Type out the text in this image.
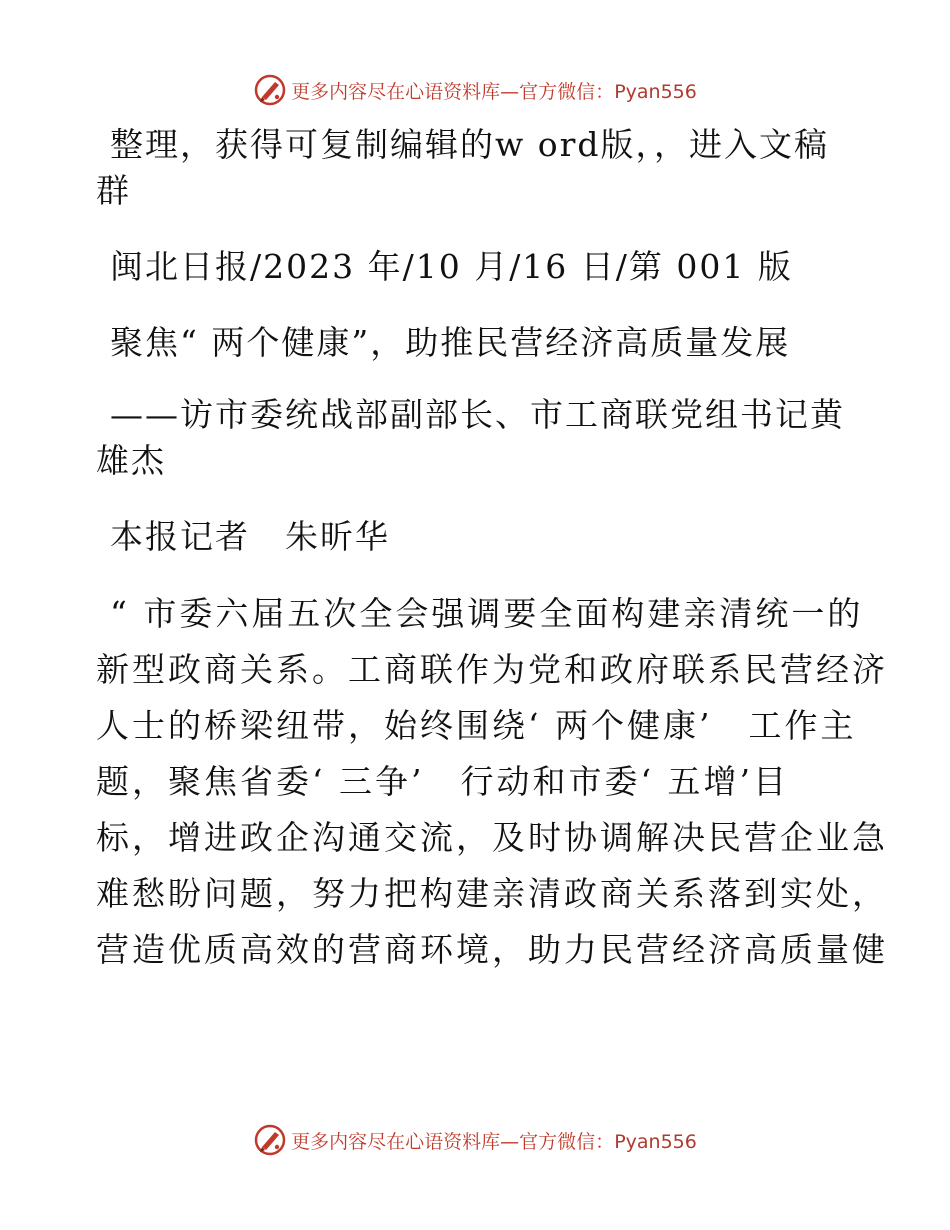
更多内容尽在心语资料库—官方微信：Pyan556
整理，获得可复制编辑的w ord版，，进入文稿
群
闽北日报/2023 年/10 月/16 日/第 001 版
聚焦“ 两个健康”，助推民营经济高质量发展
——访市委统战部副部长、市工商联党组书记黄
雄杰
本报记者　朱昕华
“ 市委六届五次全会强调要全面构建亲清统一的
新型政商关系。工商联作为党和政府联系民营经济
人士的桥梁纽带，始终围绕‘ 两个健康’　工作主
题，聚焦省委‘ 三争’　行动和市委‘ 五增’目
标，增进政企沟通交流，及时协调解决民营企业急
难愁盼问题，努力把构建亲清政商关系落到实处，
营造优质高效的营商环境，助力民营经济高质量健
更多内容尽在心语资料库—官方微信：Pyan556
